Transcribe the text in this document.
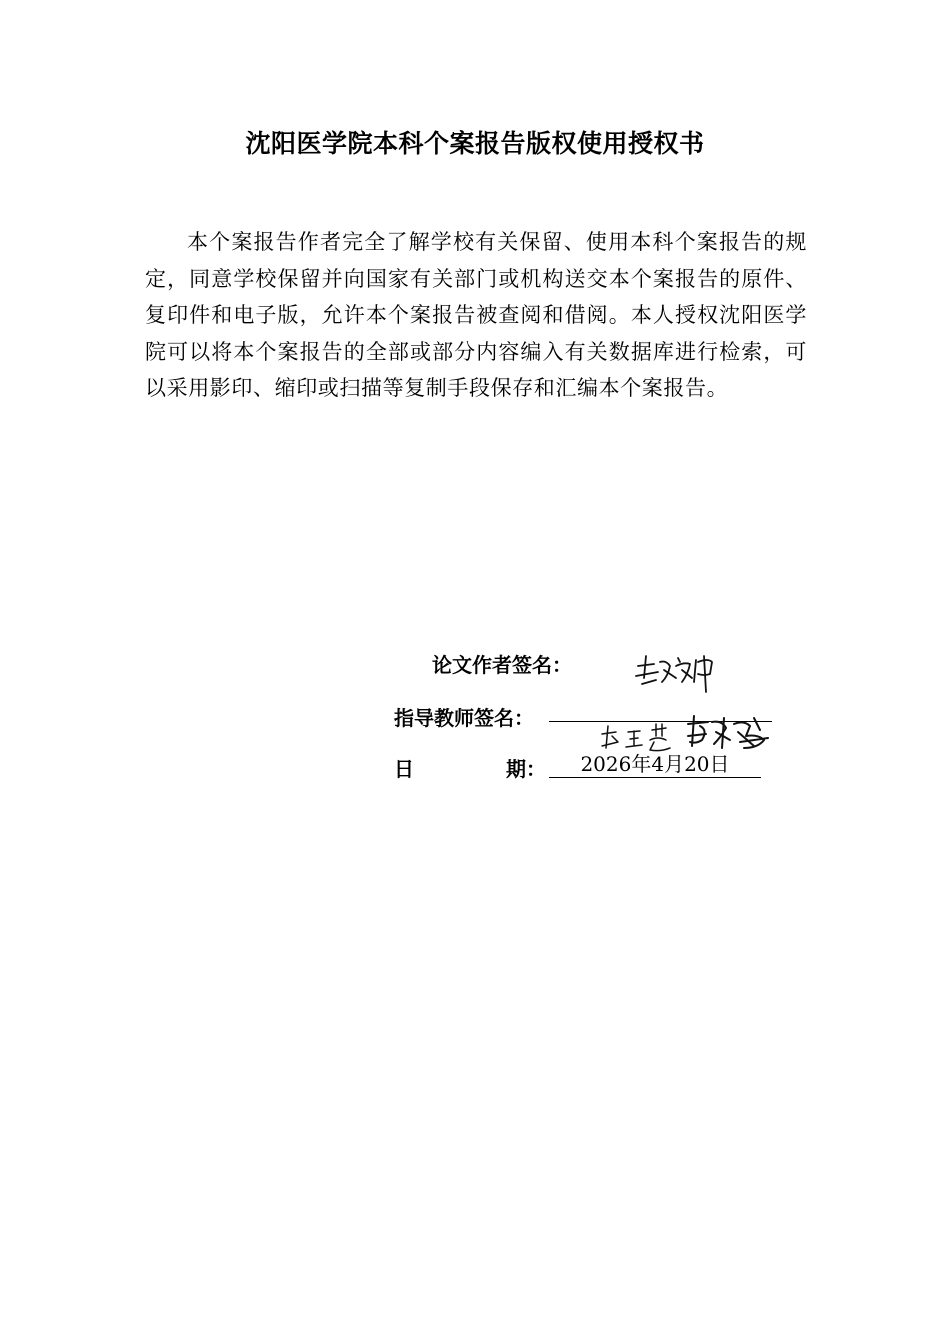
沈阳医学院本科个案报告版权使用授权书
本个案报告作者完全了解学校有关保留、使用本科个案报告的规定，同意学校保留并向国家有关部门或机构送交本个案报告的原件、复印件和电子版，允许本个案报告被查阅和借阅。本人授权沈阳医学院可以将本个案报告的全部或部分内容编入有关数据库进行检索，可以采用影印、缩印或扫描等复制手段保存和汇编本个案报告。
论文作者签名：
指导教师签名：
日	期：	2026年4月20日
